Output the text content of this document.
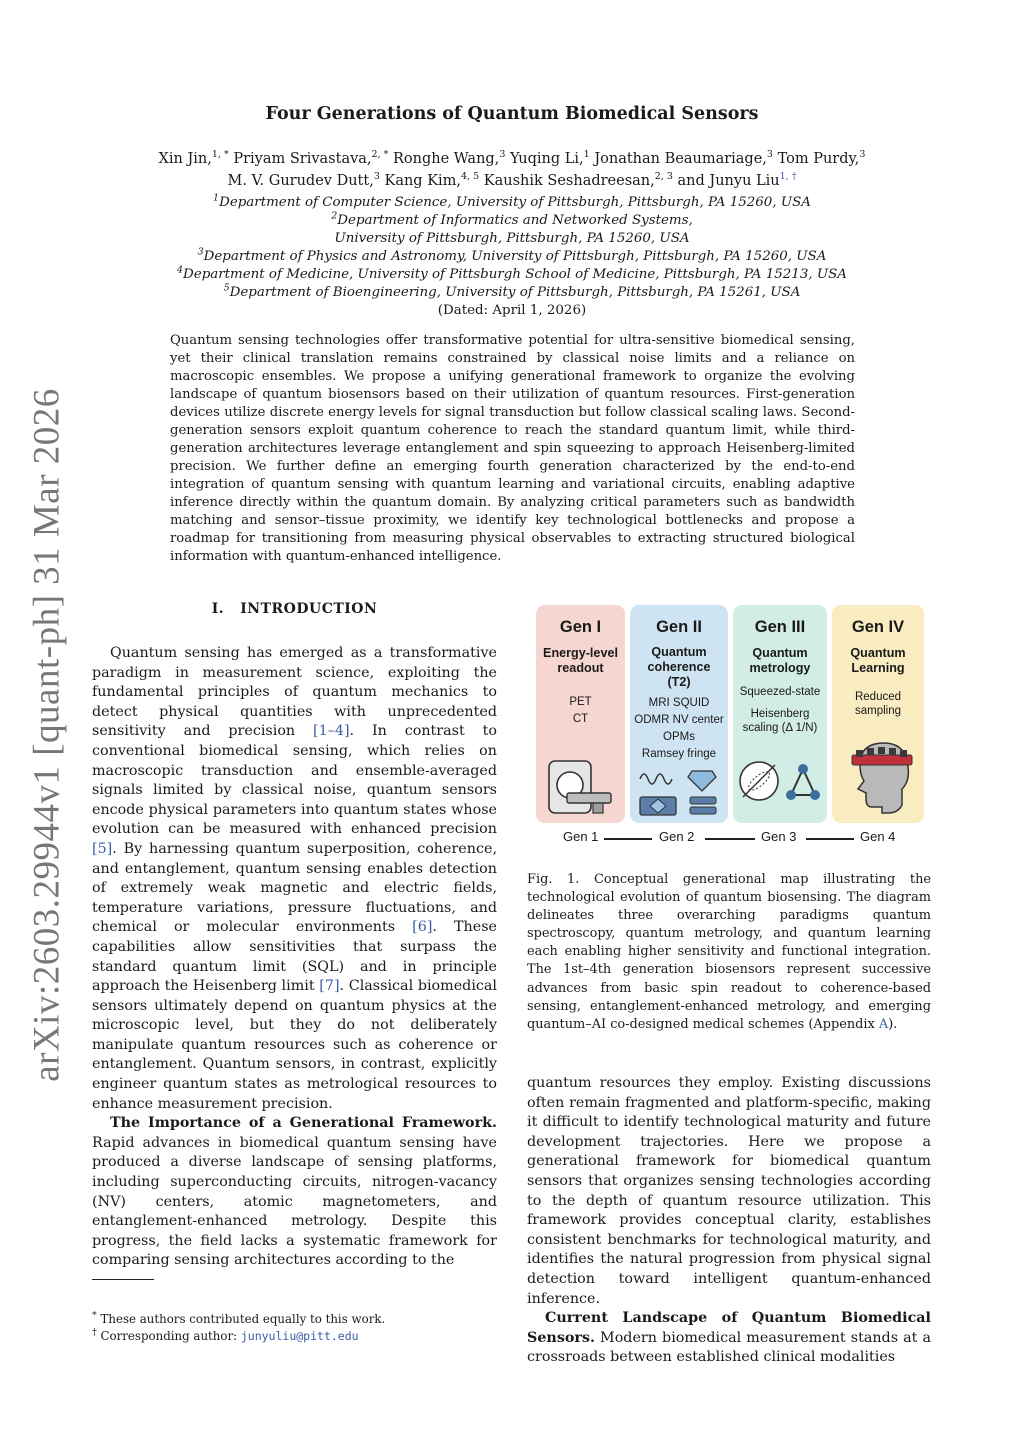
arXiv:2603.29944v1 [quant-ph] 31 Mar 2026
Four Generations of Quantum Biomedical Sensors
Xin Jin,$^{1, *}$ Priyam Srivastava,$^{2, *}$ Ronghe Wang,$^3$ Yuqing Li,$^1$ Jonathan Beaumariage,$^3$ Tom Purdy,$^3$ M. V. Gurudev Dutt,$^3$ Kang Kim,$^{4, 5}$ Kaushik Seshadreesan,$^{2, 3}$ and Junyu Liu$^{1, \dagger}$
$^1$Department of Computer Science, University of Pittsburgh, Pittsburgh, PA 15260, USA
$^2$Department of Informatics and Networked Systems,
University of Pittsburgh, Pittsburgh, PA 15260, USA
$^3$Department of Physics and Astronomy, University of Pittsburgh, Pittsburgh, PA 15260, USA
$^4$Department of Medicine, University of Pittsburgh School of Medicine, Pittsburgh, PA 15213, USA
$^5$Department of Bioengineering, University of Pittsburgh, Pittsburgh, PA 15261, USA
(Dated: April 1, 2026)
Quantum sensing technologies offer transformative potential for ultra-sensitive biomedical sensing, yet their clinical translation remains constrained by classical noise limits and a reliance on macroscopic ensembles. We propose a unifying generational framework to organize the evolving landscape of quantum biosensors based on their utilization of quantum resources. First-generation devices utilize discrete energy levels for signal transduction but follow classical scaling laws. Second-generation sensors exploit quantum coherence to reach the standard quantum limit, while third-generation architectures leverage entanglement and spin squeezing to approach Heisenberg-limited precision. We further define an emerging fourth generation characterized by the end-to-end integration of quantum sensing with quantum learning and variational circuits, enabling adaptive inference directly within the quantum domain. By analyzing critical parameters such as bandwidth matching and sensor–tissue proximity, we identify key technological bottlenecks and propose a roadmap for transitioning from measuring physical observables to extracting structured biological information with quantum-enhanced intelligence.
I. INTRODUCTION

Quantum sensing has emerged as a transformative paradigm in measurement science, exploiting the fundamental principles of quantum mechanics to detect physical quantities with unprecedented sensitivity and precision [1–4]. In contrast to conventional biomedical sensing, which relies on macroscopic transduction and ensemble-averaged signals limited by classical noise, quantum sensors encode physical parameters into quantum states whose evolution can be measured with enhanced precision [5]. By harnessing quantum superposition, coherence, and entanglement, quantum sensing enables detection of extremely weak magnetic and electric fields, temperature variations, pressure fluctuations, and chemical or molecular environments [6]. These capabilities allow sensitivities that surpass the standard quantum limit (SQL) and in principle approach the Heisenberg limit [7]. Classical biomedical sensors ultimately depend on quantum physics at the microscopic level, but they do not deliberately manipulate quantum resources such as coherence or entanglement. Quantum sensors, in contrast, explicitly engineer quantum states as metrological resources to enhance measurement precision.

The Importance of a Generational Framework. Rapid advances in biomedical quantum sensing have produced a diverse landscape of sensing platforms, including superconducting circuits, nitrogen-vacancy (NV) centers, atomic magnetometers, and entanglement-enhanced metrology. Despite this progress, the field lacks a systematic framework for comparing sensing architectures according to the

* These authors contributed equally to this work.
† Corresponding author: junyuliu@pitt.edu
Gen I
Energy-level
readout
PET
CT
Gen II
Quantum
coherence
(T2)
MRI SQUID
ODMR NV center
OPMs
Ramsey fringe
Gen III
Quantum
metrology
Squeezed-state
Heisenberg
scaling (Δ 1/N)
Gen IV
Quantum
Learning
Reduced
sampling
Gen 1	Gen 2	Gen 3	Gen 4
Fig. 1. Conceptual generational map illustrating the technological evolution of quantum biosensing. The diagram delineates three overarching paradigms quantum spectroscopy, quantum metrology, and quantum learning each enabling higher sensitivity and functional integration. The 1st–4th generation biosensors represent successive advances from basic spin readout to coherence-based sensing, entanglement-enhanced metrology, and emerging quantum–AI co-designed medical schemes (Appendix A).

quantum resources they employ. Existing discussions often remain fragmented and platform-specific, making it difficult to identify technological maturity and future development trajectories. Here we propose a generational framework for biomedical quantum sensors that organizes sensing technologies according to the depth of quantum resource utilization. This framework provides conceptual clarity, establishes consistent benchmarks for technological maturity, and identifies the natural progression from physical signal detection toward intelligent quantum-enhanced inference.

Current Landscape of Quantum Biomedical Sensors. Modern biomedical measurement stands at a crossroads between established clinical modalities
